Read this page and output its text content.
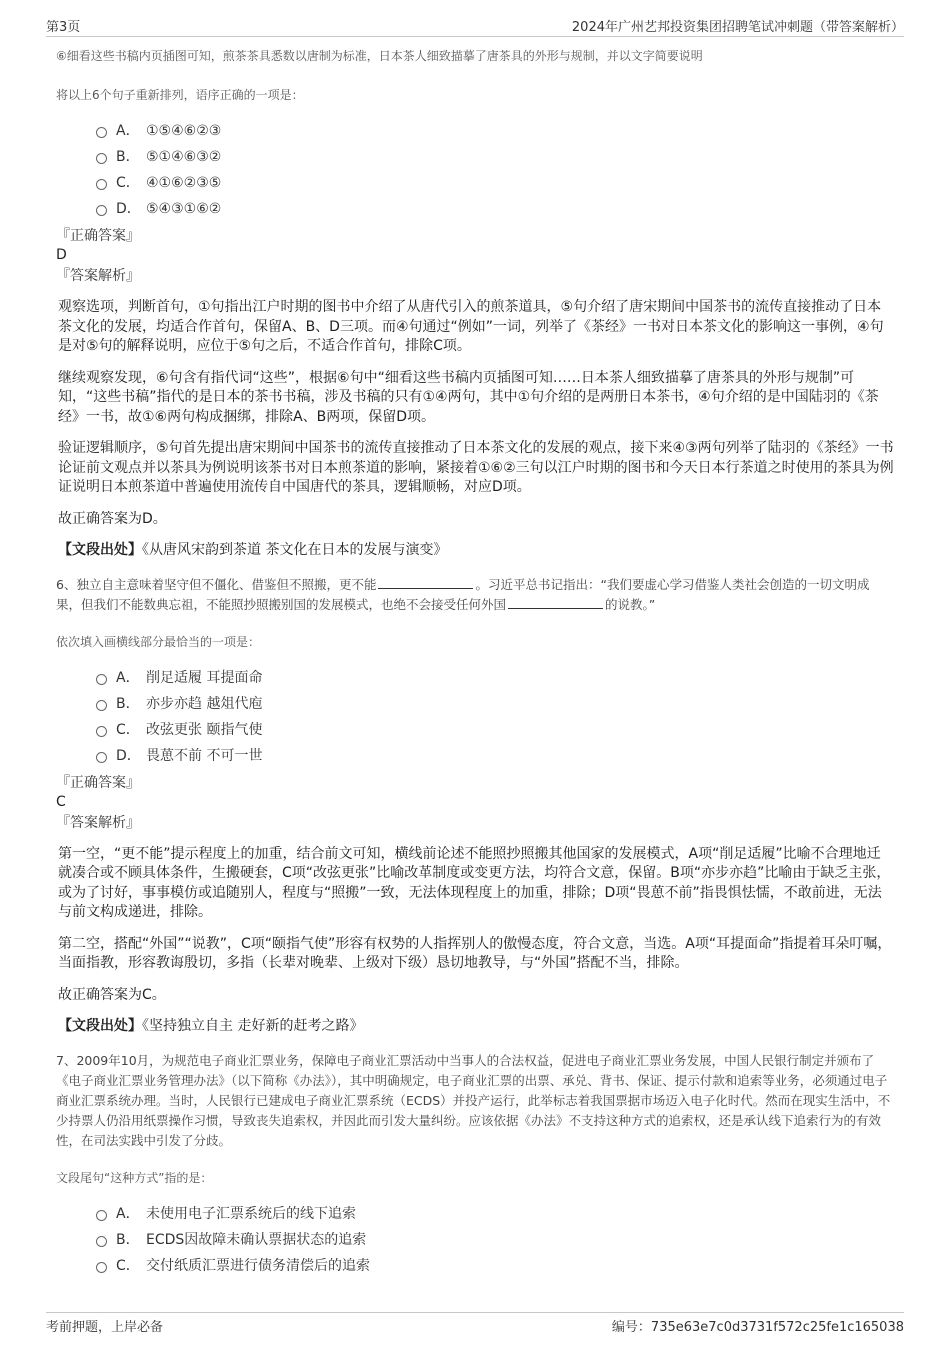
第3页	2024年广州艺邦投资集团招聘笔试冲刺题（带答案解析）

⑥细看这些书稿内页插图可知，煎茶茶具悉数以唐制为标准，日本茶人细致描摹了唐茶具的外形与规制，并以文字简要说明

将以上6个句子重新排列，语序正确的一项是：

A． ①⑤④⑥②③
B． ⑤①④⑥③②
C． ④①⑥②③⑤
D． ⑤④③①⑥②

『正确答案』

D

『答案解析』

观察选项，判断首句，①句指出江户时期的图书中介绍了从唐代引入的煎茶道具，⑤句介绍了唐宋期间中国茶书的流传直接推动了日本茶文化的发展，均适合作首句，保留A、B、D三项。而④句通过“例如”一词，列举了《茶经》一书对日本茶文化的影响这一事例，④句是对⑤句的解释说明，应位于⑤句之后，不适合作首句，排除C项。

继续观察发现，⑥句含有指代词“这些”，根据⑥句中“细看这些书稿内页插图可知……日本茶人细致描摹了唐茶具的外形与规制”可知，“这些书稿”指代的是日本的茶书书稿，涉及书稿的只有①④两句，其中①句介绍的是两册日本茶书，④句介绍的是中国陆羽的《茶经》一书，故①⑥两句构成捆绑，排除A、B两项，保留D项。

验证逻辑顺序，⑤句首先提出唐宋期间中国茶书的流传直接推动了日本茶文化的发展的观点，接下来④③两句列举了陆羽的《茶经》一书论证前文观点并以茶具为例说明该茶书对日本煎茶道的影响，紧接着①⑥②三句以江户时期的图书和今天日本行茶道之时使用的茶具为例证说明日本煎茶道中普遍使用流传自中国唐代的茶具，逻辑顺畅，对应D项。

故正确答案为D。

【文段出处】《从唐风宋韵到茶道 茶文化在日本的发展与演变》

6、独立自主意味着坚守但不僵化、借鉴但不照搬，更不能	。习近平总书记指出：“我们要虚心学习借鉴人类社会创造的一切文明成果，但我们不能数典忘祖，不能照抄照搬别国的发展模式，也绝不会接受任何外国	的说教。”

依次填入画横线部分最恰当的一项是：

A． 削足适履 耳提面命
B． 亦步亦趋 越俎代庖
C． 改弦更张 颐指气使
D． 畏葸不前 不可一世

『正确答案』

C

『答案解析』

第一空，“更不能”提示程度上的加重，结合前文可知，横线前论述不能照抄照搬其他国家的发展模式，A项“削足适履”比喻不合理地迁就凑合或不顾具体条件，生搬硬套，C项“改弦更张”比喻改革制度或变更方法，均符合文意，保留。B项“亦步亦趋”比喻由于缺乏主张，或为了讨好，事事模仿或追随别人，程度与“照搬”一致，无法体现程度上的加重，排除；D项“畏葸不前”指畏惧怯懦，不敢前进，无法与前文构成递进，排除。

第二空，搭配“外国”“说教”，C项“颐指气使”形容有权势的人指挥别人的傲慢态度，符合文意，当选。A项“耳提面命”指提着耳朵叮嘱，当面指教，形容教诲殷切，多指（长辈对晚辈、上级对下级）恳切地教导，与“外国”搭配不当，排除。

故正确答案为C。

【文段出处】《坚持独立自主 走好新的赶考之路》

7、2009年10月，为规范电子商业汇票业务，保障电子商业汇票活动中当事人的合法权益，促进电子商业汇票业务发展，中国人民银行制定并颁布了《电子商业汇票业务管理办法》（以下简称《办法》），其中明确规定，电子商业汇票的出票、承兑、背书、保证、提示付款和追索等业务，必须通过电子商业汇票系统办理。当时，人民银行已建成电子商业汇票系统（ECDS）并投产运行，此举标志着我国票据市场迈入电子化时代。然而在现实生活中，不少持票人仍沿用纸票操作习惯，导致丧失追索权，并因此而引发大量纠纷。应该依据《办法》不支持这种方式的追索权，还是承认线下追索行为的有效性，在司法实践中引发了分歧。

文段尾句“这种方式”指的是：

A． 未使用电子汇票系统后的线下追索
B． ECDS因故障未确认票据状态的追索
C． 交付纸质汇票进行债务清偿后的追索
考前押题，上岸必备	编号：735e63e7c0d3731f572c25fe1c165038
